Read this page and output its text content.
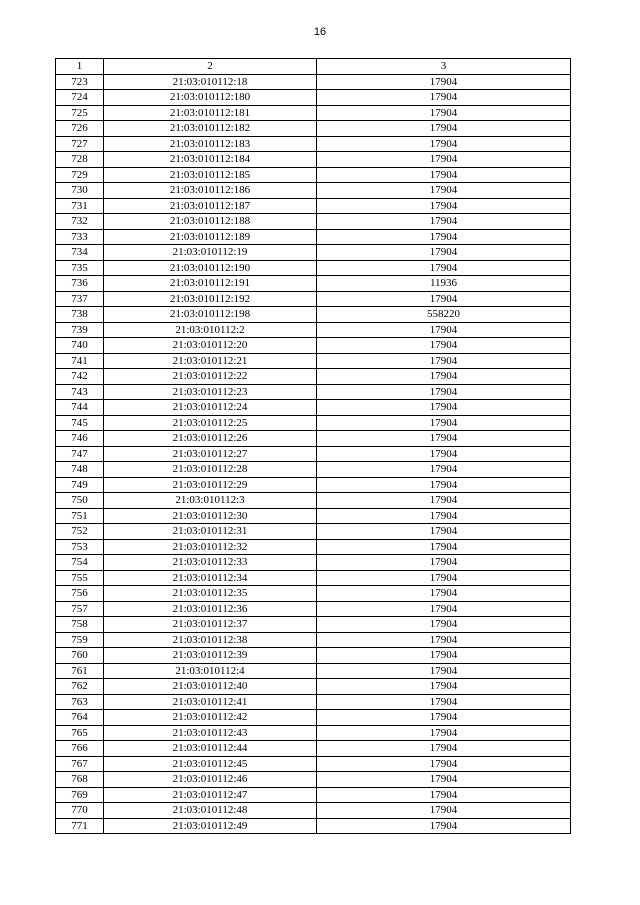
16
1	2	3
723	21:03:010112:18	17904
724	21:03:010112:180	17904
725	21:03:010112:181	17904
726	21:03:010112:182	17904
727	21:03:010112:183	17904
728	21:03:010112:184	17904
729	21:03:010112:185	17904
730	21:03:010112:186	17904
731	21:03:010112:187	17904
732	21:03:010112:188	17904
733	21:03:010112:189	17904
734	21:03:010112:19	17904
735	21:03:010112:190	17904
736	21:03:010112:191	11936
737	21:03:010112:192	17904
738	21:03:010112:198	558220
739	21:03:010112:2	17904
740	21:03:010112:20	17904
741	21:03:010112:21	17904
742	21:03:010112:22	17904
743	21:03:010112:23	17904
744	21:03:010112:24	17904
745	21:03:010112:25	17904
746	21:03:010112:26	17904
747	21:03:010112:27	17904
748	21:03:010112:28	17904
749	21:03:010112:29	17904
750	21:03:010112:3	17904
751	21:03:010112:30	17904
752	21:03:010112:31	17904
753	21:03:010112:32	17904
754	21:03:010112:33	17904
755	21:03:010112:34	17904
756	21:03:010112:35	17904
757	21:03:010112:36	17904
758	21:03:010112:37	17904
759	21:03:010112:38	17904
760	21:03:010112:39	17904
761	21:03:010112:4	17904
762	21:03:010112:40	17904
763	21:03:010112:41	17904
764	21:03:010112:42	17904
765	21:03:010112:43	17904
766	21:03:010112:44	17904
767	21:03:010112:45	17904
768	21:03:010112:46	17904
769	21:03:010112:47	17904
770	21:03:010112:48	17904
771	21:03:010112:49	17904
